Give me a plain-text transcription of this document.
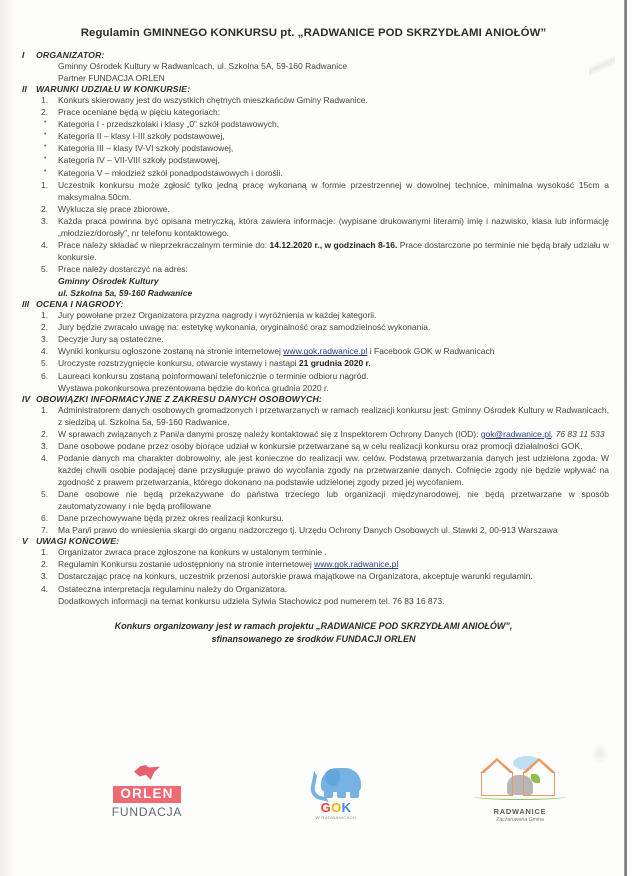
Regulamin GMINNEGO KONKURSU pt. „RADWANICE POD SKRZYDŁAMI ANIOŁÓW”
I	ORGANIZATOR:
Gminny Ośrodek Kultury w Radwanicach, ul. Szkolna 5A, 59-160 Radwanice
Partner FUNDACJA ORLEN
II	WARUNKI UDZIAŁU W KONKURSIE:
1.	Konkurs skierowany jest do wszystkich chętnych mieszkańców Gminy Radwanice.
2.	Prace oceniane będą w pięciu kategoriach:
•	Kategoria I - przedszkolaki i klasy „0” szkół podstawowych,
•	Kategoria II – klasy I-III szkoły podstawowej,
•	Kategoria III – klasy IV-VI szkoły podstawowej,
•	Kategoria IV – VII-VIII szkoły podstawowej,
•	Kategoria V – młodzież szkół ponadpodstawowych i dorośli.
1.	Uczestnik konkursu może zgłosić tylko jedną pracę wykonaną w formie przestrzennej w dowolnej technice, minimalna wysokość 15cm a maksymalna 50cm.
2.	Wyklucza się prace zbiorowe.
3.	Każda praca powinna być opisana metryczką, która zawiera informacje: (wypisane drukowanymi literami) imię i nazwisko, klasa lub informację „młodziez/dorosły”, nr telefonu kontaktowego.
4.	Prace należy składać w nieprzekraczalnym terminie do: 14.12.2020 r., w godzinach 8-16. Prace dostarczone po terminie nie będą brały udziału w konkursie.
5.	Prace należy dostarczyć na adres:
Gminny Ośrodek Kultury
ul. Szkolna 5a, 59-160 Radwanice
III OCENA I NAGRODY:
1.	Jury powołane przez Organizatora przyzna nagrody i wyróżnienia w każdej kategorii.
2.	Jury będzie zwracało uwagę na: estetykę wykonania, oryginalność oraz samodzielność wykonania.
3.	Decyzje Jury są ostateczne.
4.	Wyniki konkursu ogłoszone zostaną na stronie internetowej www.gok.radwanice.pl i Facebook GOK w Radwanicach
5.	Uroczyste rozstrzygnięcie konkursu, otwarcie wystawy i nastąpi 21 grudnia 2020 r.
6.	Laureaci konkursu zostaną poinformowani telefonicznie o terminie odbioru nagród.
Wystawa pokonkursowa prezentowana będzie do końca grudnia 2020 r.
IV OBOWIĄZKI INFORMACYJNE Z ZAKRESU DANYCH OSOBOWYCH:
1.	Administratorem danych osobowych gromadzonych i przetwarzanych w ramach realizacji konkursu jest: Gminny Ośrodek Kultury w Radwanicach, z siedzibą ul. Szkolna 5a, 59-160 Radwanice.
2.	W sprawach związanych z Pani/a danymi proszę należy kontaktować się z Inspektorem Ochrony Danych (IOD): gok@radwanice.pl, 76 83 11 533
3.	Dane osobowe podane przez osoby biorące udział w konkursie przetwarzane są w celu realizacji konkursu oraz promocji działalności GOK.
4.	Podanie danych ma charakter dobrowolny, ale jest konieczne do realizacji ww. celów. Podstawą przetwarzania danych jest udzielona zgoda. W każdej chwili osobie podającej dane przysługuje prawo do wycofania zgody na przetwarzanie danych. Cofnięcie zgody nie będzie wpływać na zgodność z prawem przetwarzania, którego dokonano na podstawie udzielonej zgody przed jej wycofaniem.
5.	Dane osobowe nie będą przekazywane do państwa trzeciego lub organizacji międzynarodowej, nie będą przetwarzane w sposób zautomatyzowany i nie będą profilowane
6.	Dane przechowywane będą przez okres realizacji konkursu.
7.	Ma Pan/i prawo do wniesienia skargi do organu nadzorczego tj. Urzędu Ochrony Danych Osobowych ul. Stawki 2, 00-913 Warszawa
V UWAGI KOŃCOWE:
1.	Organizator zwraca prace zgłoszone na konkurs w ustalonym terminie .
2.	Regulamin Konkursu zostanie udostępniony na stronie internetowej www.gok.radwanice.pl
3.	Dostarczając pracę na konkurs, uczestnik przenosi autorskie prawa majątkowe na Organizatora, akceptuje warunki regulamin.
4.	Ostateczna interpretacja regulaminu należy do Organizatora.
Dodatkowych informacji na temat konkursu udziela Sylwia Stachowicz pod numerem tel. 76 83 16 873.
Konkurs organizowany jest w ramach projektu „RADWANICE POD SKRZYDŁAMI ANIOŁÓW”,
sfinansowanego ze środków FUNDACJI ORLEN
ORLEN
FUNDACJA	GOK
W RADWANICACH
RADWANICE
Zaczarowana Gmina
